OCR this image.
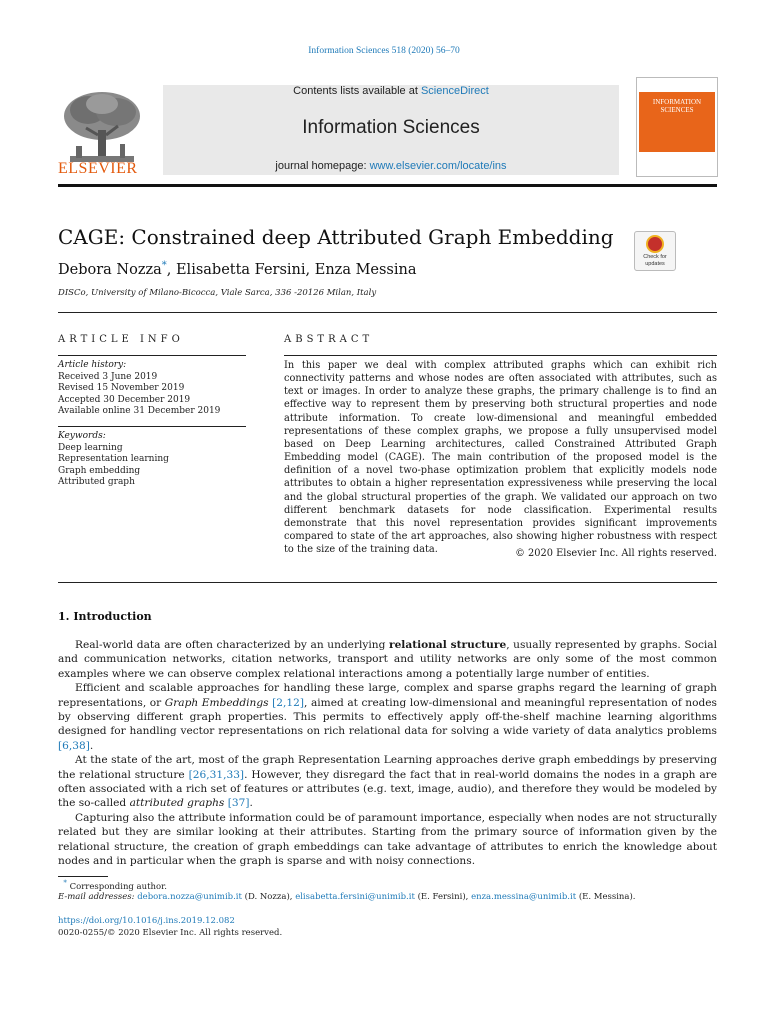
Information Sciences 518 (2020) 56–70
ELSEVIER
Contents lists available at ScienceDirect
Information Sciences
journal homepage: www.elsevier.com/locate/ins
INFORMATION SCIENCES
CAGE: Constrained deep Attributed Graph Embedding
Debora Nozza*, Elisabetta Fersini, Enza Messina
DISCo, University of Milano-Bicocca, Viale Sarca, 336 -20126 Milan, Italy
Check for updates
ARTICLE INFO
Article history:
Received 3 June 2019
Revised 15 November 2019
Accepted 30 December 2019
Available online 31 December 2019
Keywords:
Deep learning
Representation learning
Graph embedding
Attributed graph
ABSTRACT

In this paper we deal with complex attributed graphs which can exhibit rich connectivity patterns and whose nodes are often associated with attributes, such as text or images. In order to analyze these graphs, the primary challenge is to find an effective way to represent them by preserving both structural properties and node attribute information. To create low-dimensional and meaningful embedded representations of these complex graphs, we propose a fully unsupervised model based on Deep Learning architectures, called Constrained Attributed Graph Embedding model (CAGE). The main contribution of the proposed model is the definition of a novel two-phase optimization problem that explicitly models node attributes to obtain a higher representation expressiveness while preserving the local and the global structural properties of the graph. We validated our approach on two different benchmark datasets for node classification. Experimental results demonstrate that this novel representation provides significant improvements compared to state of the art approaches, also showing higher robustness with respect to the size of the training data.	© 2020 Elsevier Inc. All rights reserved.
1. Introduction

Real-world data are often characterized by an underlying relational structure, usually represented by graphs. Social and communication networks, citation networks, transport and utility networks are only some of the most common examples where we can observe complex relational interactions among a potentially large number of entities.

Efficient and scalable approaches for handling these large, complex and sparse graphs regard the learning of graph representations, or Graph Embeddings [2,12], aimed at creating low-dimensional and meaningful representation of nodes by observing different graph properties. This permits to effectively apply off-the-shelf machine learning algorithms designed for handling vector representations on rich relational data for solving a wide variety of data analytics problems [6,38].

At the state of the art, most of the graph Representation Learning approaches derive graph embeddings by preserving the relational structure [26,31,33]. However, they disregard the fact that in real-world domains the nodes in a graph are often associated with a rich set of features or attributes (e.g. text, image, audio), and therefore they would be modeled by the so-called attributed graphs [37].

Capturing also the attribute information could be of paramount importance, especially when nodes are not structurally related but they are similar looking at their attributes. Starting from the primary source of information given by the relational structure, the creation of graph embeddings can take advantage of attributes to enrich the knowledge about nodes and in particular when the graph is sparse and with noisy connections.

* Corresponding author.
E-mail addresses: debora.nozza@unimib.it (D. Nozza), elisabetta.fersini@unimib.it (E. Fersini), enza.messina@unimib.it (E. Messina).
https://doi.org/10.1016/j.ins.2019.12.082
0020-0255/© 2020 Elsevier Inc. All rights reserved.
